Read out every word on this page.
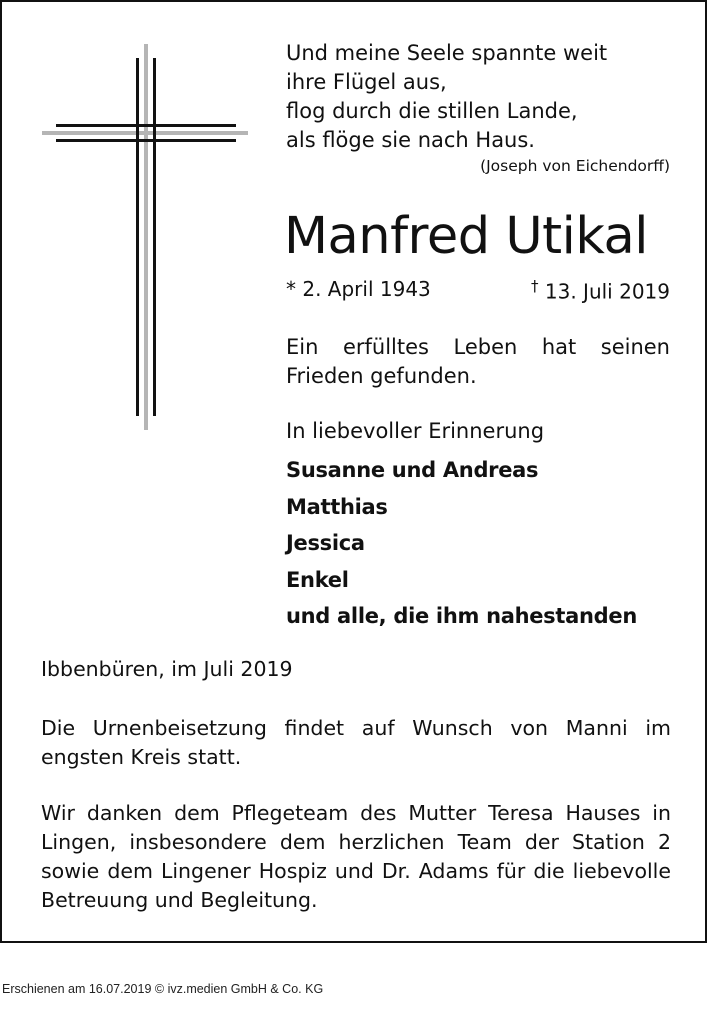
Und meine Seele spannte weit
ihre Flügel aus,
flog durch die stillen Lande,
als flöge sie nach Haus.
(Joseph von Eichendorff)
Manfred Utikal
* 2. April 1943	† 13. Juli 2019
Ein erfülltes Leben hat seinen Frieden gefunden.
In liebevoller Erinnerung
Susanne und Andreas
Matthias
Jessica
Enkel
und alle, die ihm nahestanden
Ibbenbüren, im Juli 2019
Die Urnenbeisetzung findet auf Wunsch von Manni im engsten Kreis statt.
Wir danken dem Pflegeteam des Mutter Teresa Hauses in Lingen, insbesondere dem herzlichen Team der Station 2 sowie dem Lingener Hospiz und Dr. Adams für die liebevolle Betreuung und Begleitung.
Erschienen am 16.07.2019 © ivz.medien GmbH & Co. KG
